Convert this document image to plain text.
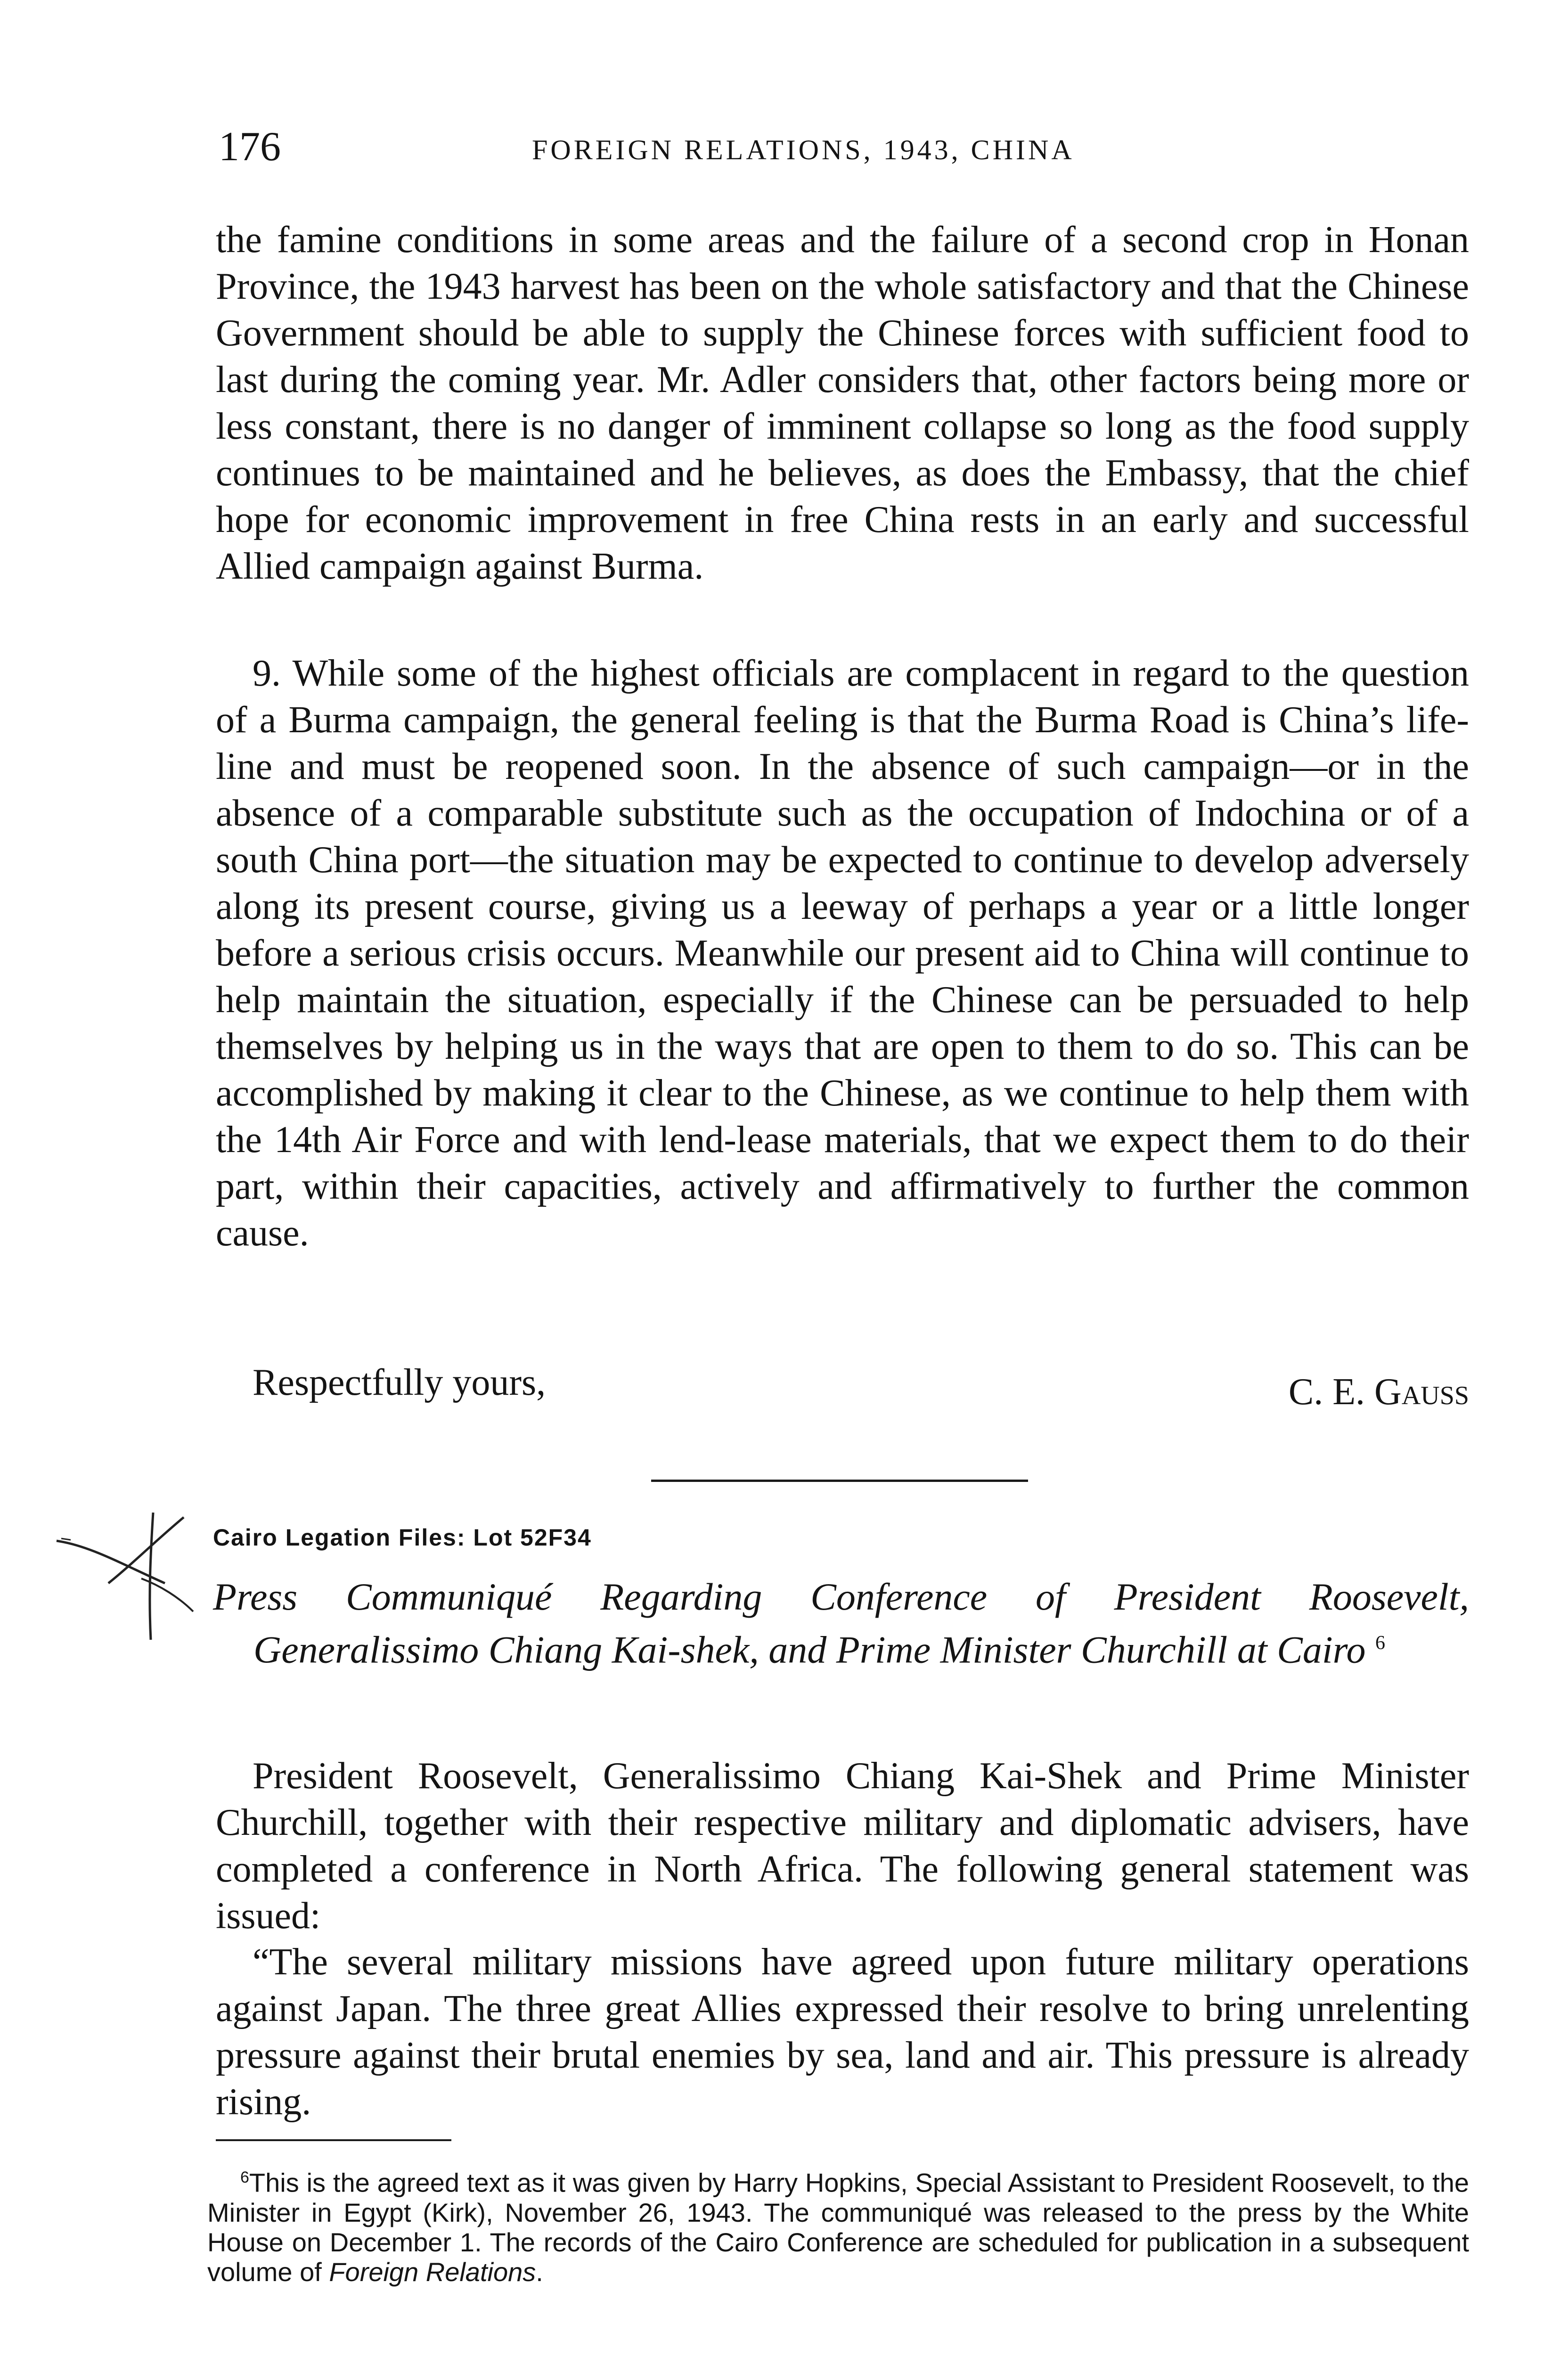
176	FOREIGN RELATIONS, 1943, CHINA

the famine conditions in some areas and the failure of a second crop in Honan Province, the 1943 harvest has been on the whole satisfactory and that the Chinese Government should be able to supply the Chinese forces with sufficient food to last during the coming year. Mr. Adler considers that, other factors being more or less constant, there is no danger of imminent collapse so long as the food supply continues to be maintained and he believes, as does the Embassy, that the chief hope for economic improvement in free China rests in an early and successful Allied campaign against Burma.

9. While some of the highest officials are complacent in regard to the question of a Burma campaign, the general feeling is that the Burma Road is China’s life-line and must be reopened soon. In the absence of such campaign—or in the absence of a comparable substitute such as the occupation of Indochina or of a south China port—the situation may be expected to continue to develop adversely along its present course, giving us a leeway of perhaps a year or a little longer before a serious crisis occurs. Meanwhile our present aid to China will continue to help maintain the situation, especially if the Chinese can be persuaded to help themselves by helping us in the ways that are open to them to do so. This can be accomplished by making it clear to the Chinese, as we continue to help them with the 14th Air Force and with lend-lease materials, that we expect them to do their part, within their capacities, actively and affirmatively to further the common cause.

Respectfully yours,	C. E. Gauss
Cairo Legation Files: Lot 52F34
Press Communiqué Regarding Conference of President Roosevelt, Generalissimo Chiang Kai-shek, and Prime Minister Churchill at Cairo $^6$

President Roosevelt, Generalissimo Chiang Kai-Shek and Prime Minister Churchill, together with their respective military and diplomatic advisers, have completed a conference in North Africa. The following general statement was issued:

“The several military missions have agreed upon future military operations against Japan. The three great Allies expressed their resolve to bring unrelenting pressure against their brutal enemies by sea, land and air. This pressure is already rising.

$^6$This is the agreed text as it was given by Harry Hopkins, Special Assistant to President Roosevelt, to the Minister in Egypt (Kirk), November 26, 1943. The communiqué was released to the press by the White House on December 1. The records of the Cairo Conference are scheduled for publication in a subsequent volume of Foreign Relations.
